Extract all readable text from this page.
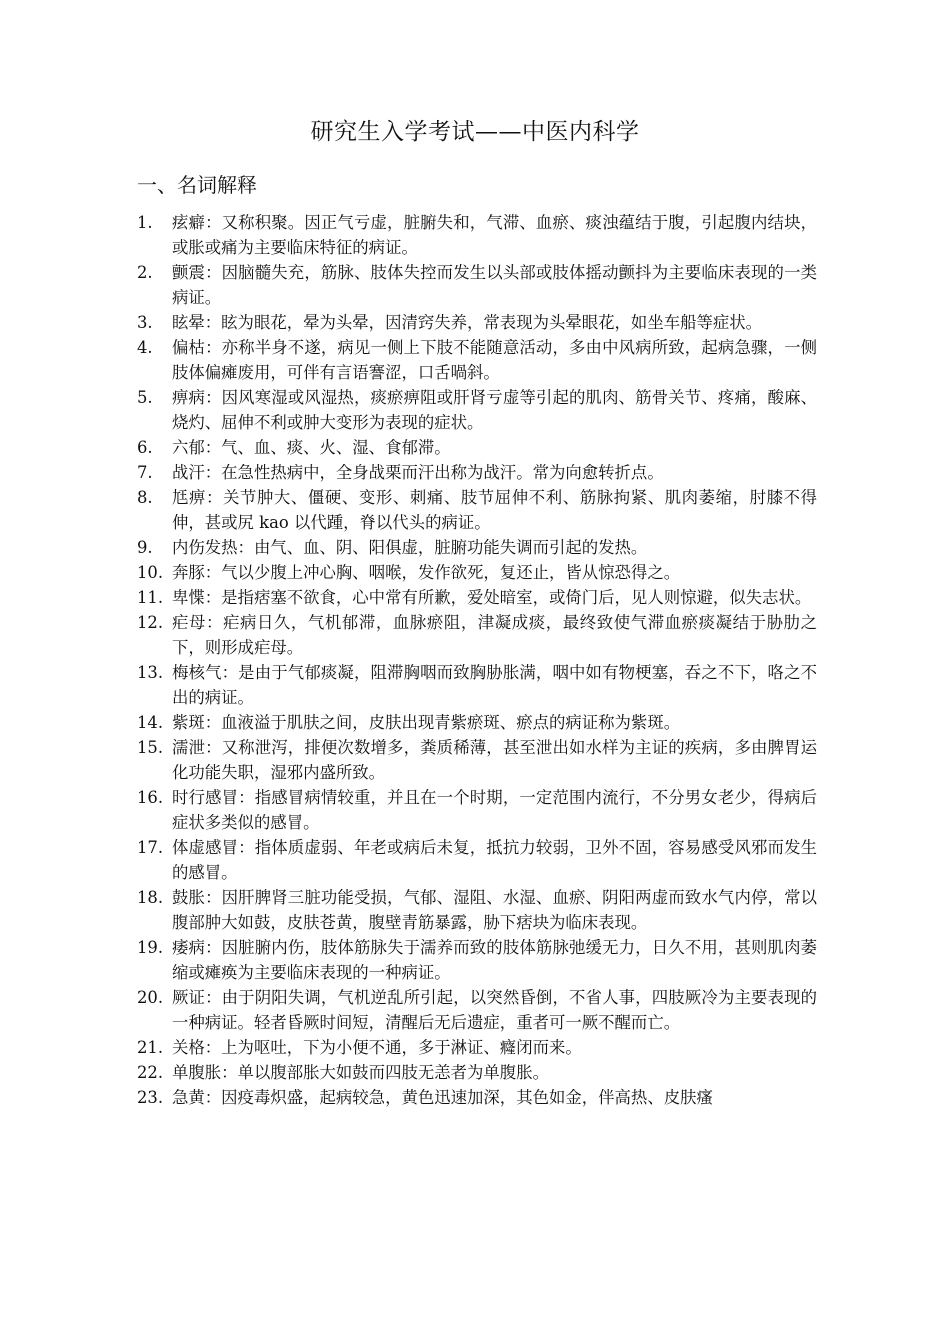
研究生入学考试——中医内科学
一、名词解释
1.	痃癖：又称积聚。因正气亏虚，脏腑失和，气滞、血瘀、痰浊蕴结于腹，引起腹内结块，或胀或痛为主要临床特征的病证。
2.	颤震：因脑髓失充，筋脉、肢体失控而发生以头部或肢体摇动颤抖为主要临床表现的一类病证。
3.	眩晕：眩为眼花，晕为头晕，因清窍失养，常表现为头晕眼花，如坐车船等症状。
4.	偏枯：亦称半身不遂，病见一侧上下肢不能随意活动，多由中风病所致，起病急骤，一侧肢体偏瘫废用，可伴有言语謇涩，口舌喎斜。
5.	痹病：因风寒湿或风湿热，痰瘀痹阻或肝肾亏虚等引起的肌肉、筋骨关节、疼痛，酸麻、烧灼、屈伸不利或肿大变形为表现的症状。
6.	六郁：气、血、痰、火、湿、食郁滞。
7.	战汗：在急性热病中，全身战栗而汗出称为战汗。常为向愈转折点。
8.	尪痹：关节肿大、僵硬、变形、刺痛、肢节屈伸不利、筋脉拘紧、肌肉萎缩，肘膝不得伸，甚或尻 kao 以代踵，脊以代头的病证。
9.	内伤发热：由气、血、阴、阳俱虚，脏腑功能失调而引起的发热。
10. 奔豚：气以少腹上冲心胸、咽喉，发作欲死，复还止，皆从惊恐得之。
11. 卑惵：是指痞塞不欲食，心中常有所歉，爱处暗室，或倚门后，见人则惊避，似失志状。
12. 疟母：疟病日久，气机郁滞，血脉瘀阻，津凝成痰，最终致使气滞血瘀痰凝结于胁肋之下，则形成疟母。
13. 梅核气：是由于气郁痰凝，阻滞胸咽而致胸胁胀满，咽中如有物梗塞，吞之不下，咯之不出的病证。
14. 紫斑：血液溢于肌肤之间，皮肤出现青紫瘀斑、瘀点的病证称为紫斑。
15. 濡泄：又称泄泻，排便次数增多，粪质稀薄，甚至泄出如水样为主证的疾病，多由脾胃运化功能失职，湿邪内盛所致。
16. 时行感冒：指感冒病情较重，并且在一个时期，一定范围内流行，不分男女老少，得病后症状多类似的感冒。
17. 体虚感冒：指体质虚弱、年老或病后未复，抵抗力较弱，卫外不固，容易感受风邪而发生的感冒。
18. 鼓胀：因肝脾肾三脏功能受损，气郁、湿阻、水湿、血瘀、阴阳两虚而致水气内停，常以腹部肿大如鼓，皮肤苍黄，腹壁青筋暴露，胁下痞块为临床表现。
19. 痿病：因脏腑内伤，肢体筋脉失于濡养而致的肢体筋脉弛缓无力，日久不用，甚则肌肉萎缩或瘫痪为主要临床表现的一种病证。
20. 厥证：由于阴阳失调，气机逆乱所引起，以突然昏倒，不省人事，四肢厥冷为主要表现的一种病证。轻者昏厥时间短，清醒后无后遗症，重者可一厥不醒而亡。
21. 关格：上为呕吐，下为小便不通，多于淋证、癃闭而来。
22. 单腹胀：单以腹部胀大如鼓而四肢无恙者为单腹胀。
23. 急黄：因疫毒炽盛，起病较急，黄色迅速加深，其色如金，伴高热、皮肤瘙
